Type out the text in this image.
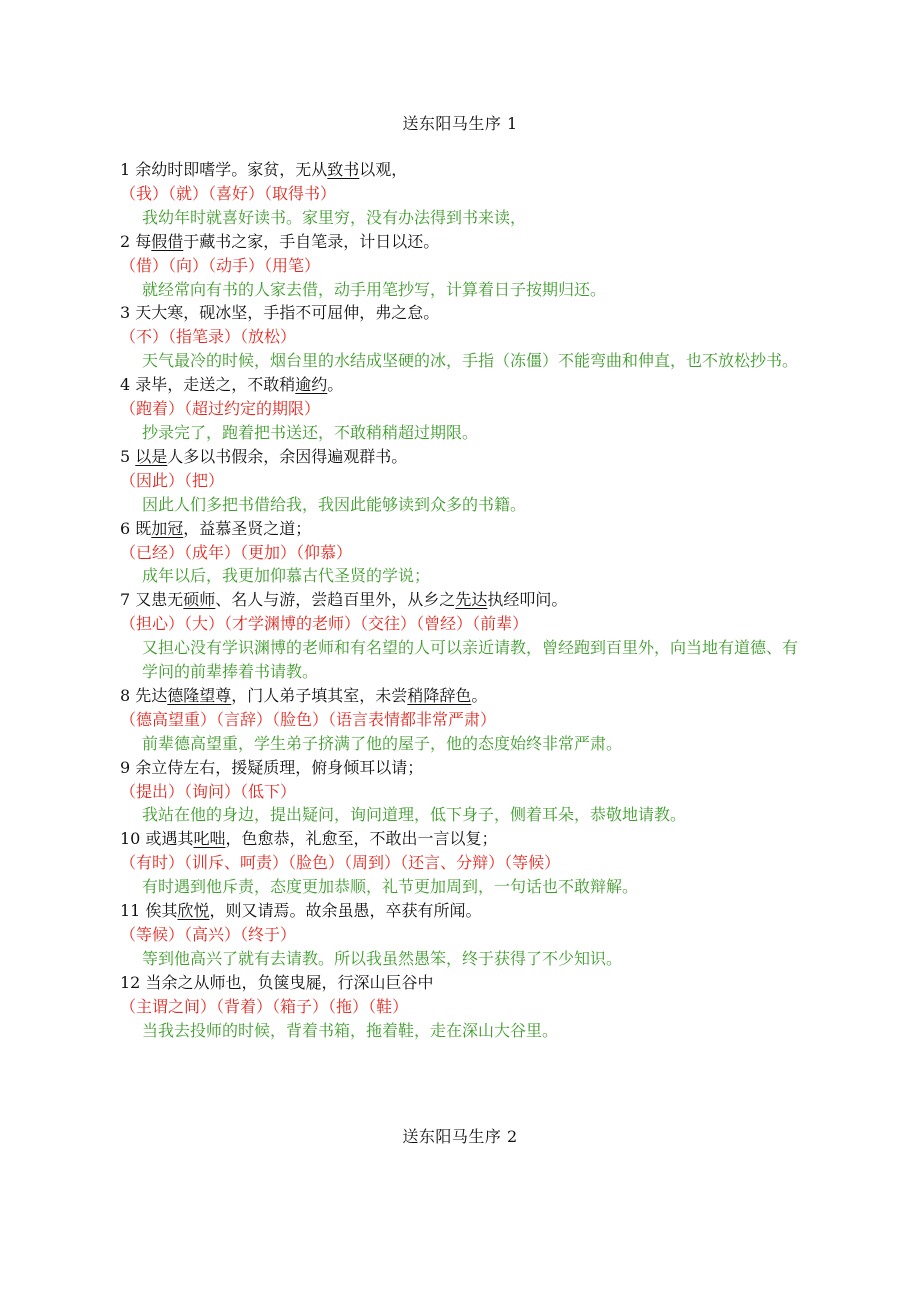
送东阳马生序 1
1 余幼时即嗜学。家贫，无从致书以观，
（我）（就）（喜好）（取得书）
我幼年时就喜好读书。家里穷，没有办法得到书来读，
2 每假借于藏书之家，手自笔录，计日以还。
（借）（向）（动手）（用笔）
就经常向有书的人家去借，动手用笔抄写，计算着日子按期归还。
3 天大寒，砚冰坚，手指不可屈伸，弗之怠。
（不）（指笔录）（放松）
天气最冷的时候，烟台里的水结成坚硬的冰，手指（冻僵）不能弯曲和伸直，也不放松抄书。
4 录毕，走送之，不敢稍逾约。
（跑着）（超过约定的期限）
抄录完了，跑着把书送还，不敢稍稍超过期限。
5 以是人多以书假余，余因得遍观群书。
（因此）（把）
因此人们多把书借给我，我因此能够读到众多的书籍。
6 既加冠，益慕圣贤之道；
（已经）（成年）（更加）（仰慕）
成年以后，我更加仰慕古代圣贤的学说；
7 又患无硕师、名人与游，尝趋百里外，从乡之先达执经叩问。
（担心）（大）（才学渊博的老师）（交往）（曾经）（前辈）
又担心没有学识渊博的老师和有名望的人可以亲近请教，曾经跑到百里外，向当地有道德、有学问的前辈捧着书请教。
8 先达德隆望尊，门人弟子填其室，未尝稍降辞色。
（德高望重）（言辞）（脸色）（语言表情都非常严肃）
前辈德高望重，学生弟子挤满了他的屋子，他的态度始终非常严肃。
9 余立侍左右，援疑质理，俯身倾耳以请；
（提出）（询问）（低下）
我站在他的身边，提出疑问，询问道理，低下身子，侧着耳朵，恭敬地请教。
10 或遇其叱咄，色愈恭，礼愈至，不敢出一言以复；
（有时）（训斥、呵责）（脸色）（周到）（还言、分辩）（等候）
有时遇到他斥责，态度更加恭顺，礼节更加周到，一句话也不敢辩解。
11 俟其欣悦，则又请焉。故余虽愚，卒获有所闻。
（等候）（高兴）（终于）
等到他高兴了就有去请教。所以我虽然愚笨，终于获得了不少知识。
12 当余之从师也，负箧曳屣，行深山巨谷中
（主谓之间）（背着）（箱子）（拖）（鞋）
当我去投师的时候，背着书箱，拖着鞋，走在深山大谷里。
送东阳马生序 2
